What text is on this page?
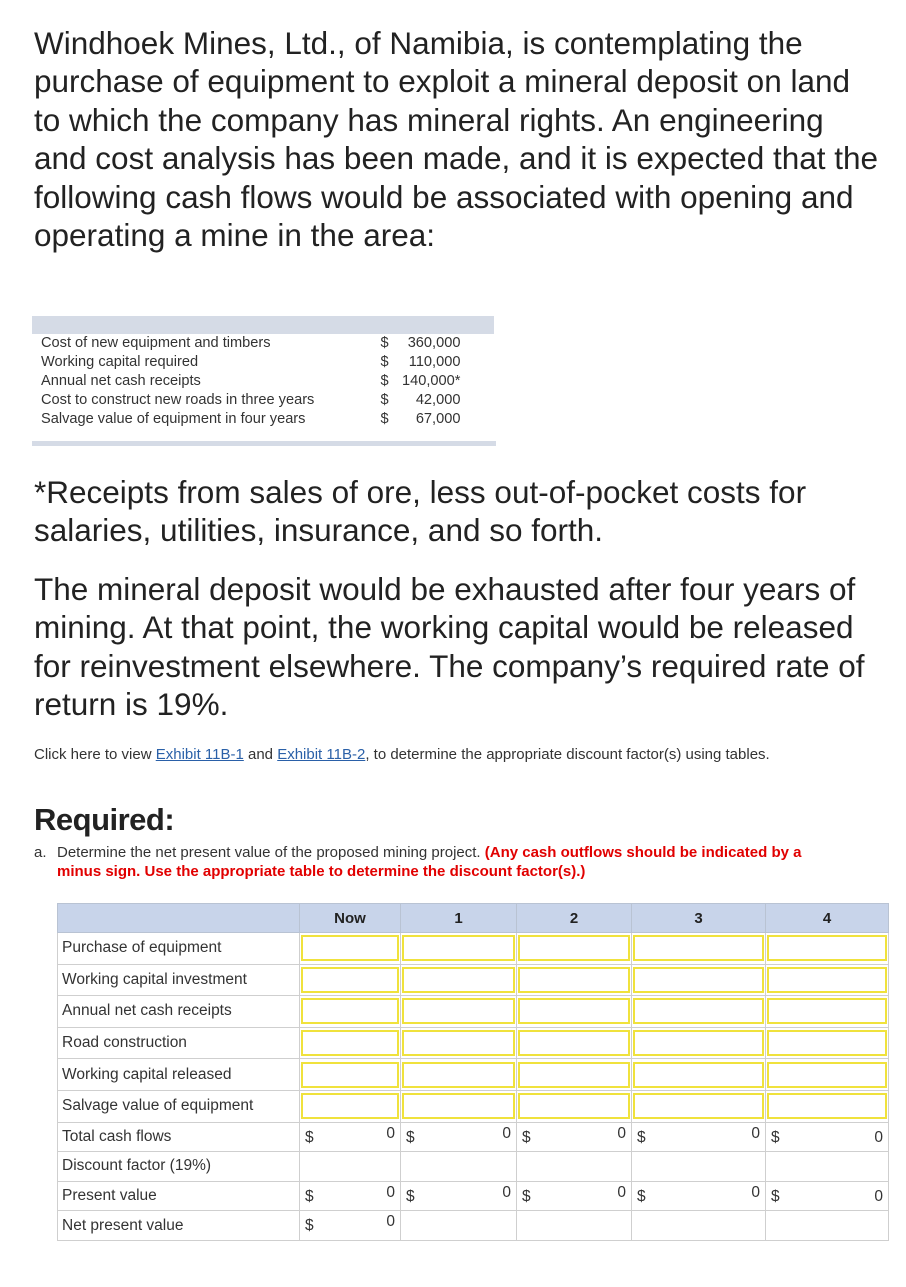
Windhoek Mines, Ltd., of Namibia, is contemplating the purchase of equipment to exploit a mineral deposit on land to which the company has mineral rights. An engineering and cost analysis has been made, and it is expected that the following cash flows would be associated with opening and operating a mine in the area:

Cost of new equipment and timbers	$ 360,000
Working capital required	$ 110,000
Annual net cash receipts	$ 140,000*
Cost to construct new roads in three years	$ 42,000
Salvage value of equipment in four years	$ 67,000

*Receipts from sales of ore, less out-of-pocket costs for salaries, utilities, insurance, and so forth.

The mineral deposit would be exhausted after four years of mining. At that point, the working capital would be released for reinvestment elsewhere. The company’s required rate of return is 19%.

Click here to view Exhibit 11B-1 and Exhibit 11B-2, to determine the appropriate discount factor(s) using tables.

Required:

a. Determine the net present value of the proposed mining project. (Any cash outflows should be indicated by a minus sign. Use the appropriate table to determine the discount factor(s).)

	Now	1	2	3	4
Purchase of equipment	

Working capital investment	

Annual net cash receipts	

Road construction	

Working capital released	

Salvage value of equipment	

Total cash flows	$ 0	$ 0	$ 0	$ 0	$ 0

Discount factor (19%)					
Present value	$ 0	$ 0	$ 0	$ 0	$ 0

Net present value	$ 0				
